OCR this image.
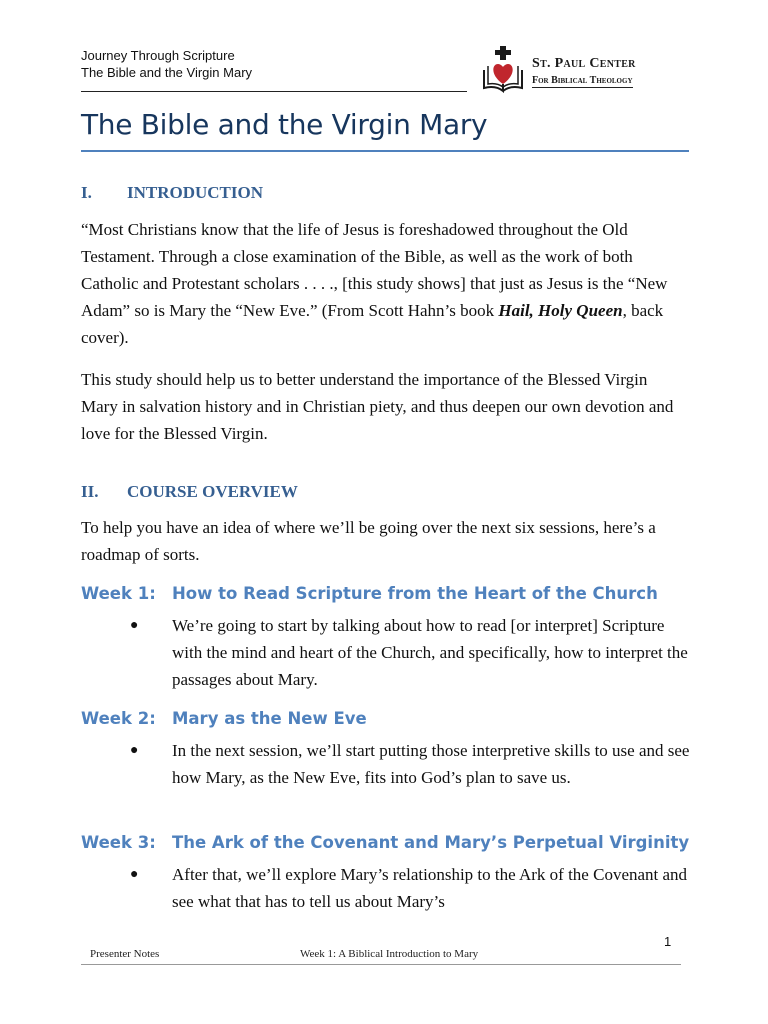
Journey Through Scripture
The Bible and the Virgin Mary
St. Paul Center
For Biblical Theology
The Bible and the Virgin Mary
I. INTRODUCTION
“Most Christians know that the life of Jesus is foreshadowed throughout the Old Testament. Through a close examination of the Bible, as well as the work of both Catholic and Protestant scholars . . . ., [this study shows] that just as Jesus is the “New Adam” so is Mary the “New Eve.” (From Scott Hahn’s book Hail, Holy Queen, back cover).
This study should help us to better understand the importance of the Blessed Virgin Mary in salvation history and in Christian piety, and thus deepen our own devotion and love for the Blessed Virgin.
II. COURSE OVERVIEW
To help you have an idea of where we’ll be going over the next six sessions, here’s a roadmap of sorts.
Week 1: How to Read Scripture from the Heart of the Church
● We’re going to start by talking about how to read [or interpret] Scripture with the mind and heart of the Church, and specifically, how to interpret the passages about Mary.
Week 2: Mary as the New Eve
● In the next session, we’ll start putting those interpretive skills to use and see how Mary, as the New Eve, fits into God’s plan to save us.
Week 3: The Ark of the Covenant and Mary’s Perpetual Virginity
● After that, we’ll explore Mary’s relationship to the Ark of the Covenant and see what that has to tell us about Mary’s
1
Presenter Notes	Week 1: A Biblical Introduction to Mary
